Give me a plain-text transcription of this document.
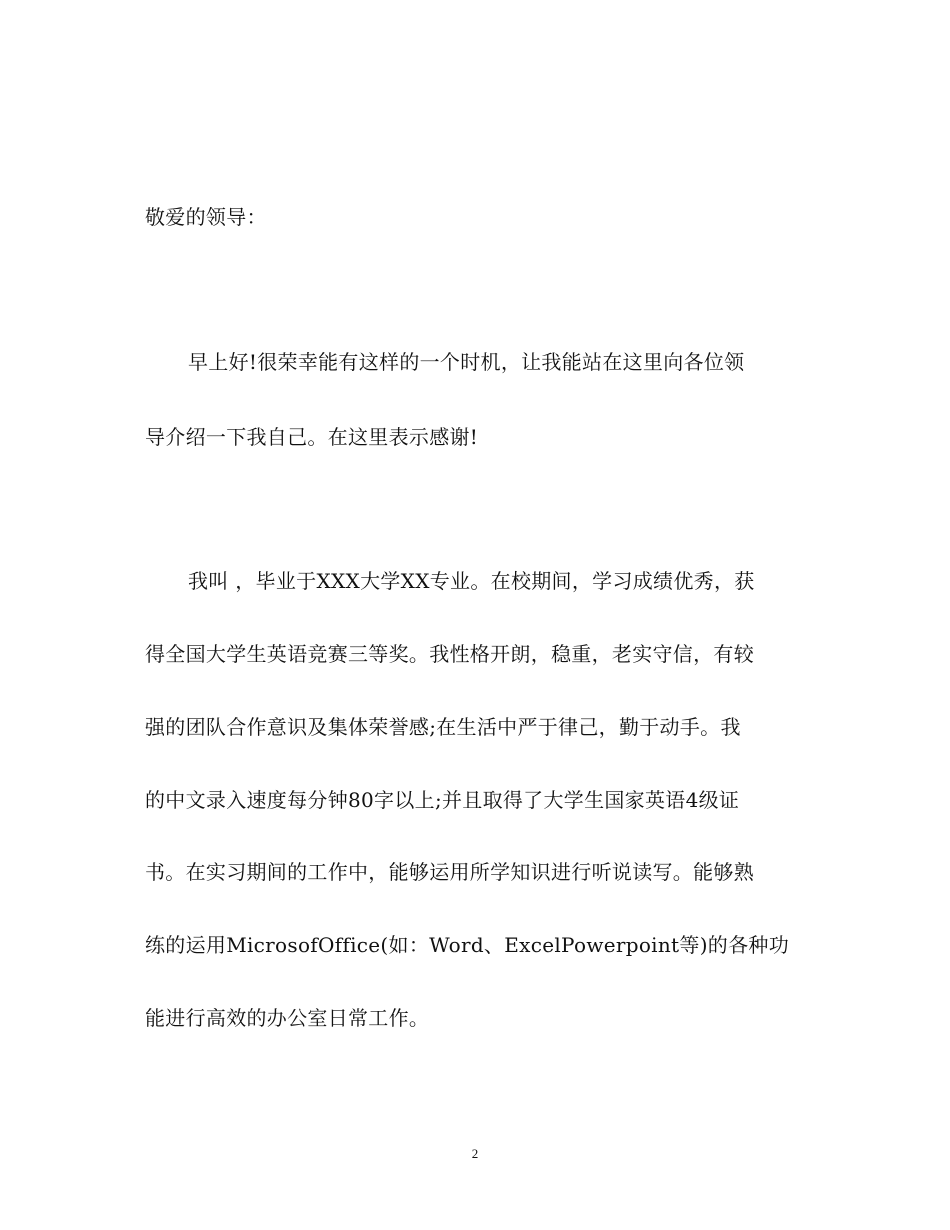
敬爱的领导：
早上好!很荣幸能有这样的一个时机，让我能站在这里向各位领
导介绍一下我自己。在这里表示感谢!
我叫 ，毕业于XXX大学XX专业。在校期间，学习成绩优秀，获
得全国大学生英语竞赛三等奖。我性格开朗，稳重，老实守信，有较
强的团队合作意识及集体荣誉感;在生活中严于律己，勤于动手。我
的中文录入速度每分钟80字以上;并且取得了大学生国家英语4级证
书。在实习期间的工作中，能够运用所学知识进行听说读写。能够熟
练的运用MicrosofOffice(如：Word、ExcelPowerpoint等)的各种功
能进行高效的办公室日常工作。
2
